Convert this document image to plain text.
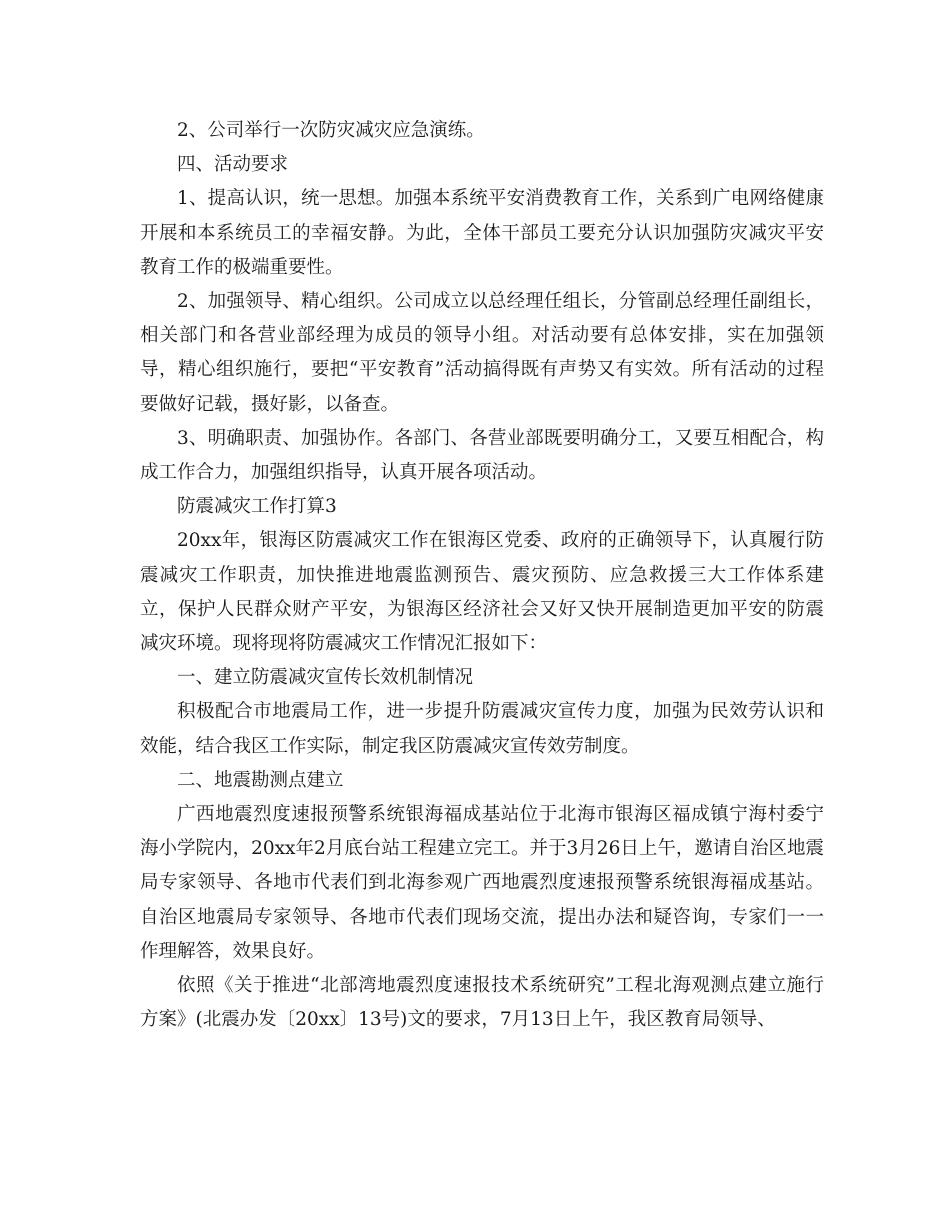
2、公司举行一次防灾减灾应急演练。

四、活动要求

1、提高认识，统一思想。加强本系统平安消费教育工作，关系到广电网络健康开展和本系统员工的幸福安静。为此，全体干部员工要充分认识加强防灾减灾平安教育工作的极端重要性。

2、加强领导、精心组织。公司成立以总经理任组长，分管副总经理任副组长，相关部门和各营业部经理为成员的领导小组。对活动要有总体安排，实在加强领导，精心组织施行，要把“平安教育”活动搞得既有声势又有实效。所有活动的过程要做好记载，摄好影，以备查。

3、明确职责、加强协作。各部门、各营业部既要明确分工，又要互相配合，构成工作合力，加强组织指导，认真开展各项活动。

防震减灾工作打算3

20xx年，银海区防震减灾工作在银海区党委、政府的正确领导下，认真履行防震减灾工作职责，加快推进地震监测预告、震灾预防、应急救援三大工作体系建立，保护人民群众财产平安，为银海区经济社会又好又快开展制造更加平安的防震减灾环境。现将现将防震减灾工作情况汇报如下：

一、建立防震减灾宣传长效机制情况

积极配合市地震局工作，进一步提升防震减灾宣传力度，加强为民效劳认识和效能，结合我区工作实际，制定我区防震减灾宣传效劳制度。

二、地震勘测点建立

广西地震烈度速报预警系统银海福成基站位于北海市银海区福成镇宁海村委宁海小学院内，20xx年2月底台站工程建立完工。并于3月26日上午，邀请自治区地震局专家领导、各地市代表们到北海参观广西地震烈度速报预警系统银海福成基站。自治区地震局专家领导、各地市代表们现场交流，提出办法和疑咨询，专家们一一作理解答，效果良好。

依照《关于推进“北部湾地震烈度速报技术系统研究”工程北海观测点建立施行方案》(北震办发〔20xx〕13号)文的要求，7月13日上午，我区教育局领导、
